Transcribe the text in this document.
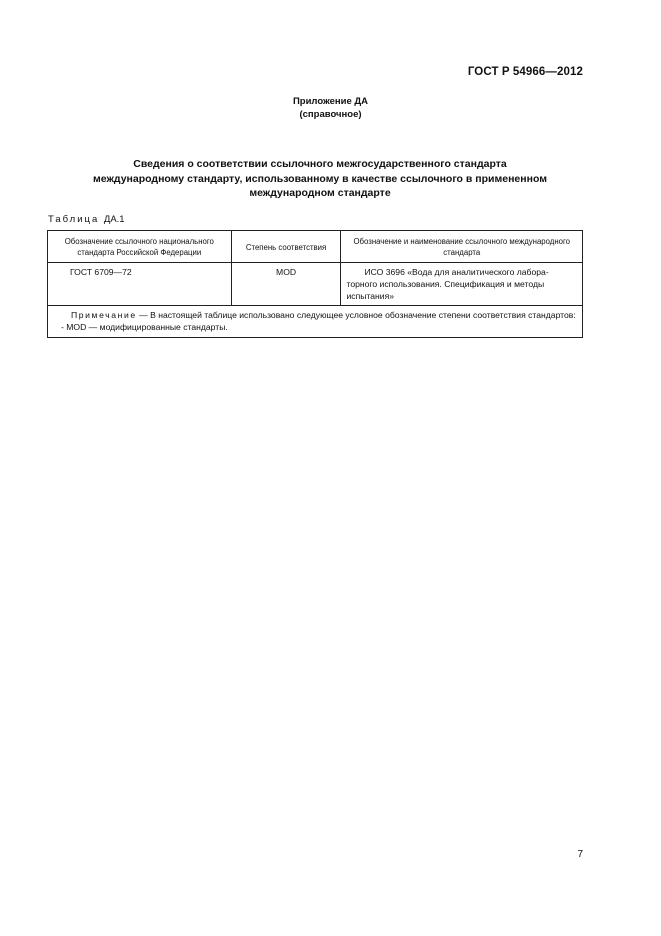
ГОСТ Р 54966—2012
Приложение ДА
(справочное)
Сведения о соответствии ссылочного межгосударственного стандарта
международному стандарту, использованному в качестве ссылочного в примененном
международном стандарте
Таблица ДА.1
Обозначение ссылочного национального стандарта Российской Федерации	Степень соответствия	Обозначение и наименование ссылочного международного стандарта
ГОСТ 6709—72	MOD	ИСО 3696 «Вода для аналитического лабора-торного использования. Спецификация и методы испытания»

Примечание — В настоящей таблице использовано следующее условное обозначение степени соответствия стандартов:

- MOD — модифицированные стандарты.		
7
